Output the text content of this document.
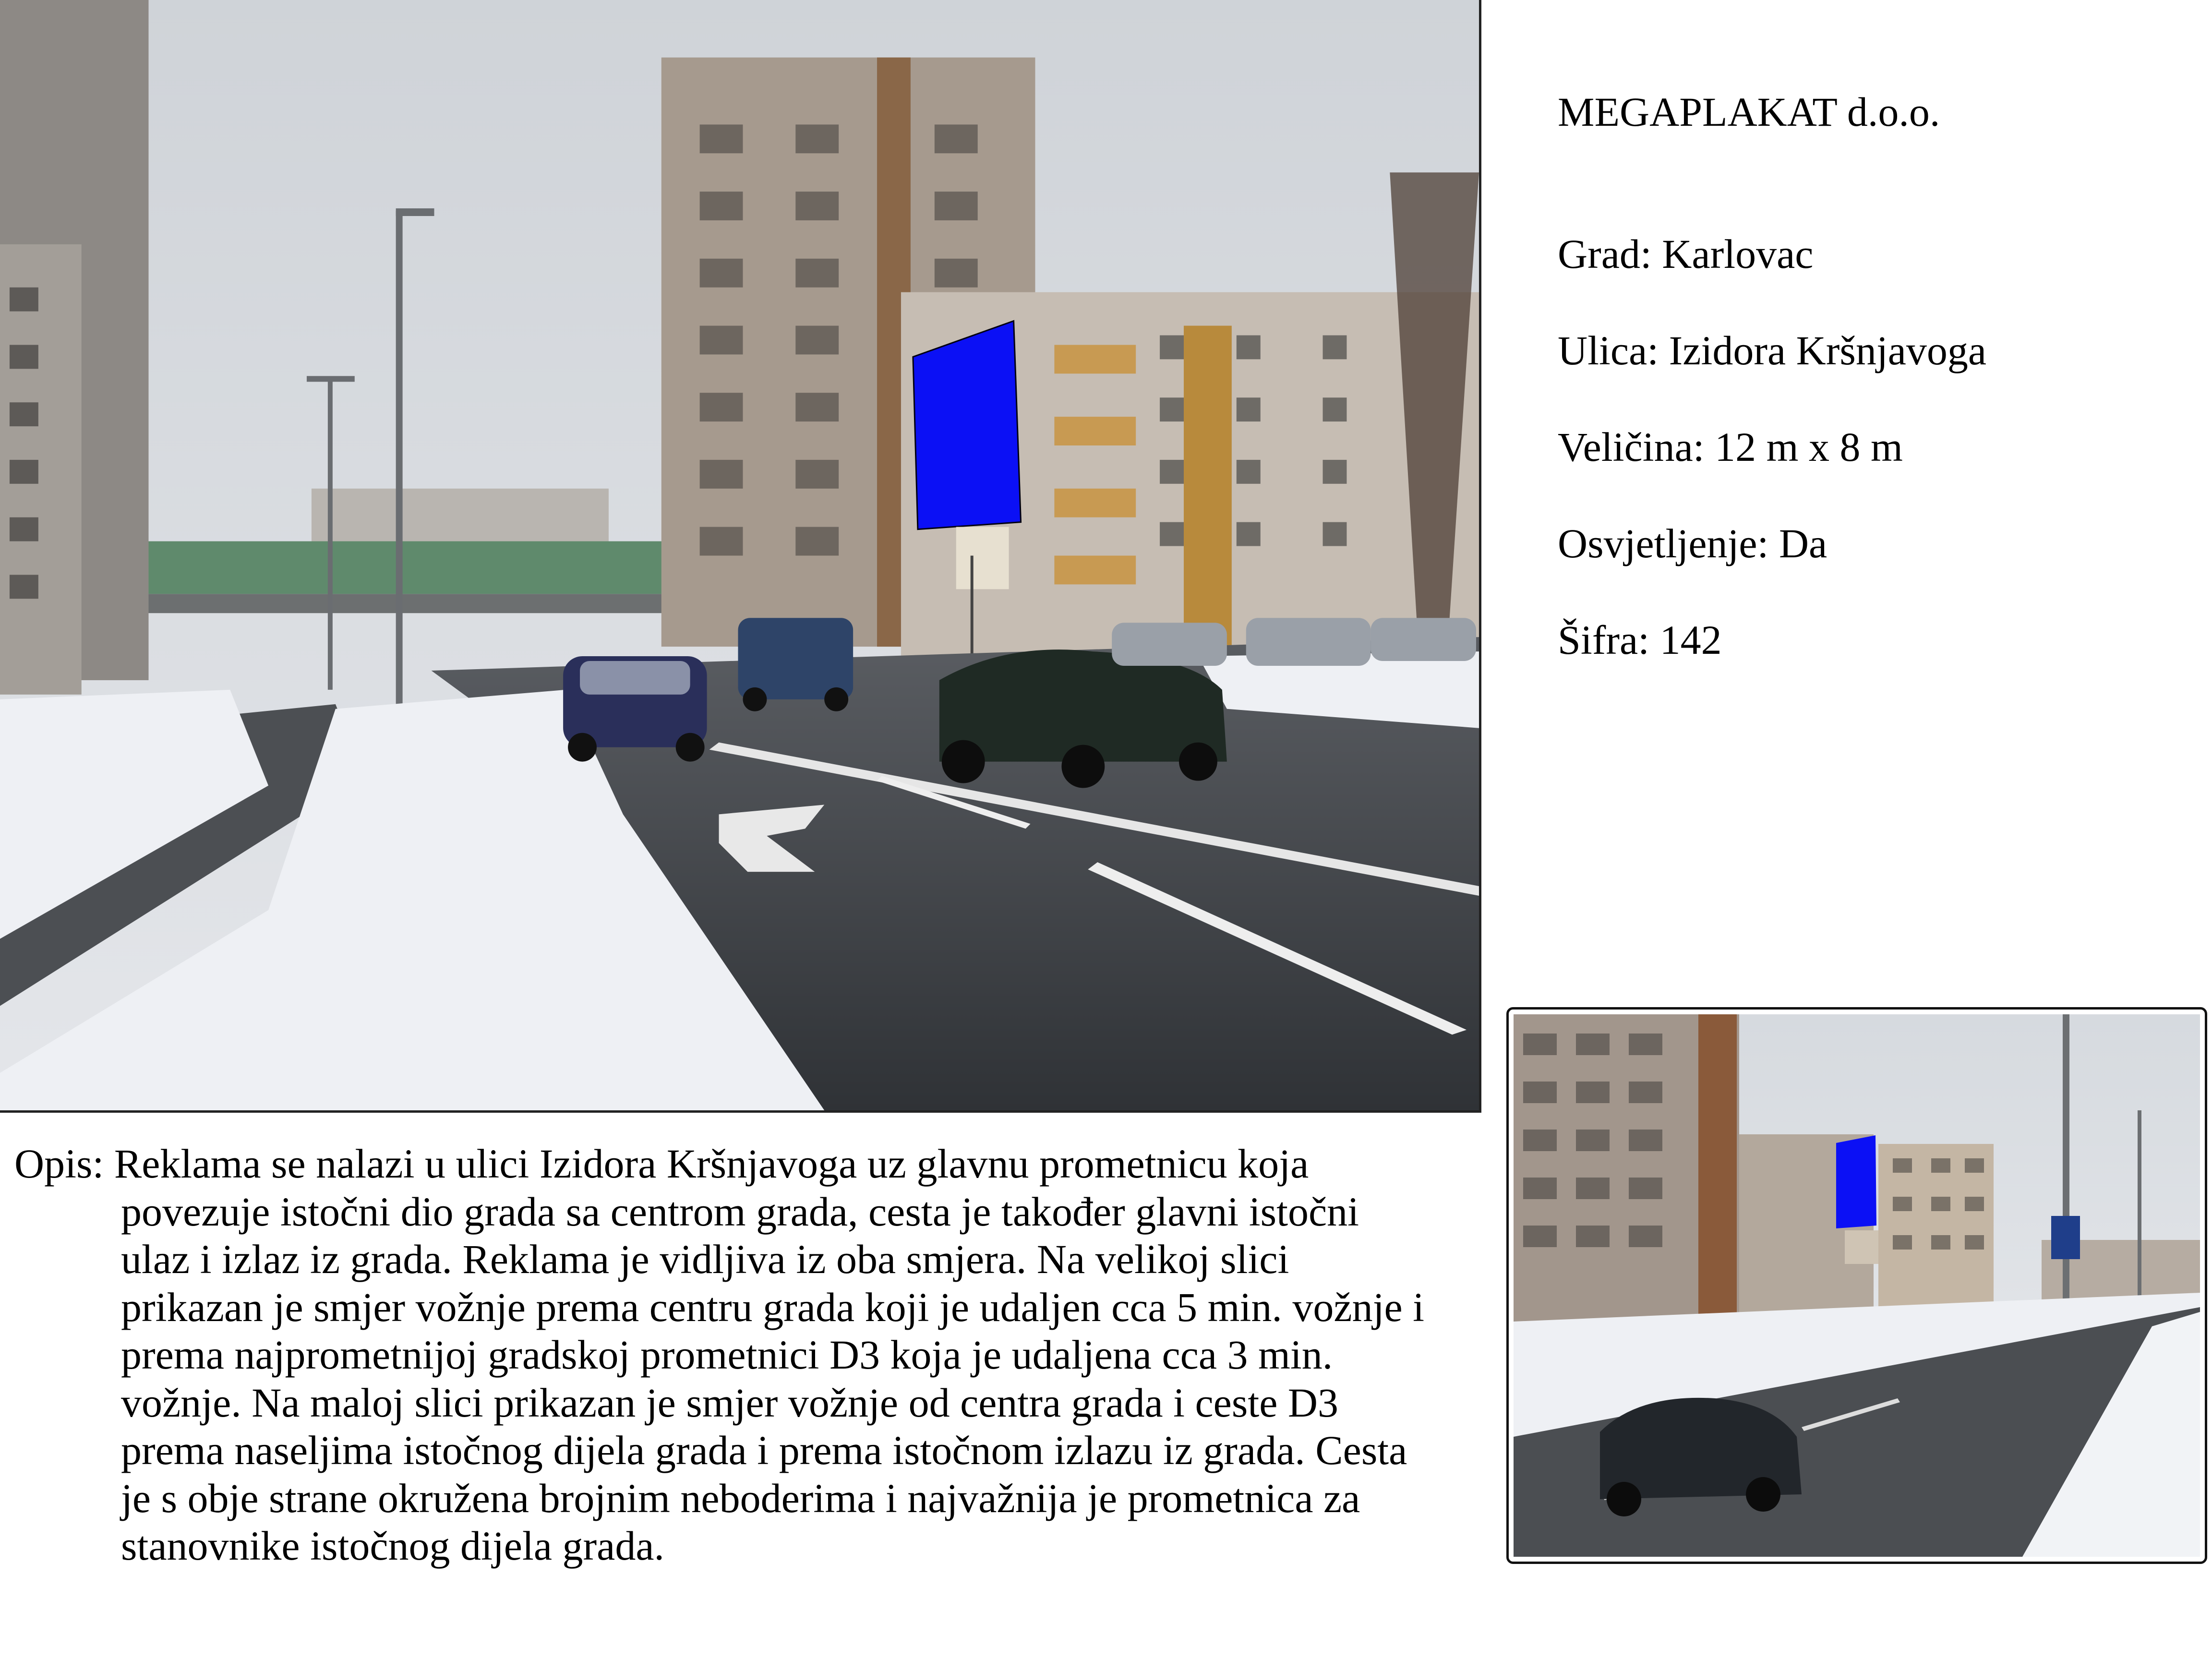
MEGAPLAKAT d.o.o.
Grad: Karlovac
Ulica: Izidora Kršnjavoga
Veličina: 12 m x 8 m
Osvjetljenje: Da
Šifra: 142
Opis: Reklama se nalazi u ulici Izidora Kršnjavoga uz glavnu prometnicu koja
povezuje istočni dio grada sa centrom grada, cesta je također glavni istočni
ulaz i izlaz iz grada. Reklama je vidljiva iz oba smjera. Na velikoj slici
prikazan je smjer vožnje prema centru grada koji je udaljen cca 5 min. vožnje i
prema najprometnijoj gradskoj prometnici D3 koja je udaljena cca 3 min.
vožnje. Na maloj slici prikazan je smjer vožnje od centra grada i ceste D3
prema naseljima istočnog dijela grada i prema istočnom izlazu iz grada. Cesta
je s obje strane okružena brojnim neboderima i najvažnija je prometnica za
stanovnike istočnog dijela grada.
